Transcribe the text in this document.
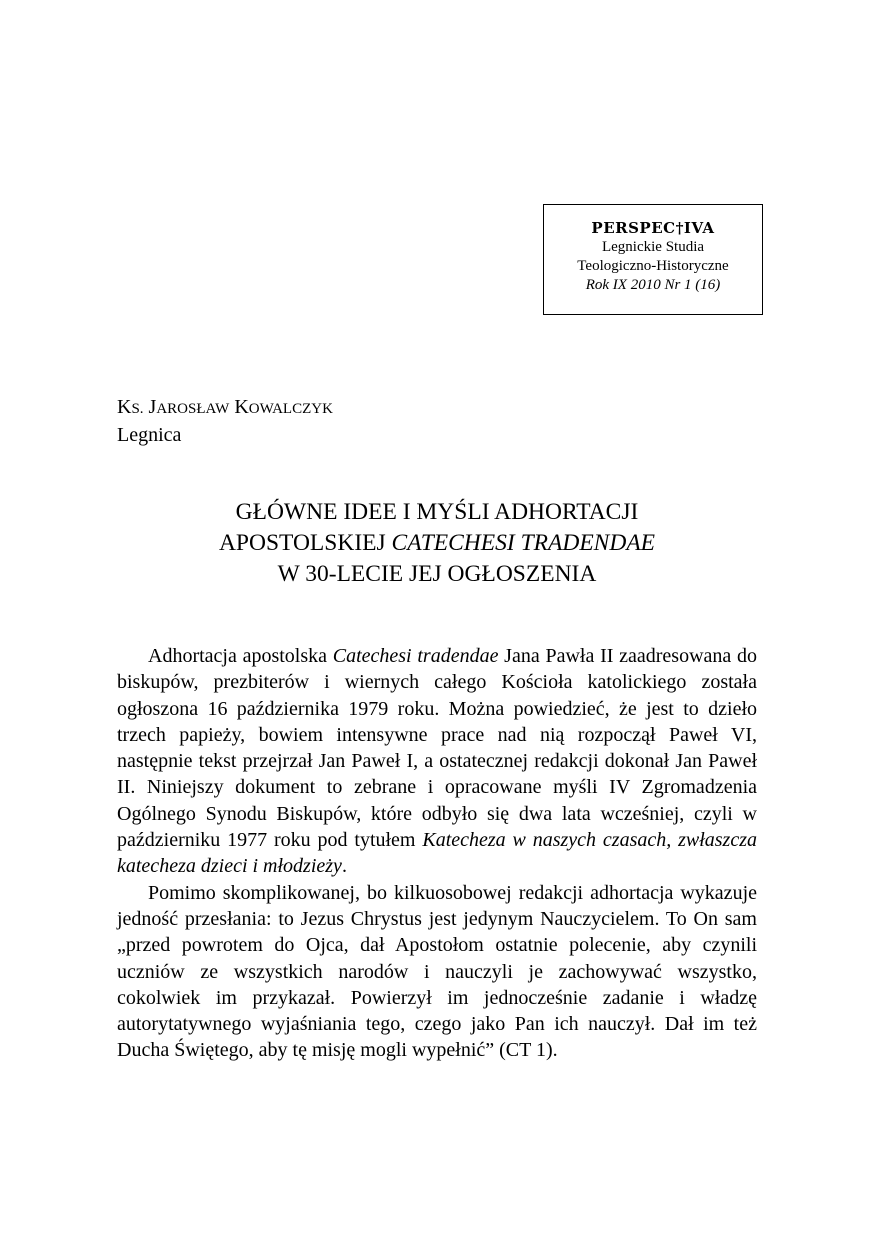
PERSPEC†IVA
Legnickie Studia
Teologiczno-Historyczne
Rok IX 2010 Nr 1 (16)
KS. JAROSŁAW KOWALCZYK
Legnica
GŁÓWNE IDEE I MYŚLI ADHORTACJI
APOSTOLSKIEJ CATECHESI TRADENDAE
W 30-LECIE JEJ OGŁOSZENIA

Adhortacja apostolska Catechesi tradendae Jana Pawła II zaadresowana do biskupów, prezbiterów i wiernych całego Kościoła katolickiego została ogłoszona 16 października 1979 roku. Można powiedzieć, że jest to dzieło trzech papieży, bowiem intensywne prace nad nią rozpoczął Paweł VI, następnie tekst przejrzał Jan Paweł I, a ostatecznej redakcji dokonał Jan Paweł II. Niniejszy dokument to zebrane i opracowane myśli IV Zgromadzenia Ogólnego Synodu Biskupów, które odbyło się dwa lata wcześniej, czyli w październiku 1977 roku pod tytułem Katecheza w naszych czasach, zwłaszcza katecheza dzieci i młodzieży.

Pomimo skomplikowanej, bo kilkuosobowej redakcji adhortacja wykazuje jedność przesłania: to Jezus Chrystus jest jedynym Nauczycielem. To On sam „przed powrotem do Ojca, dał Apostołom ostatnie polecenie, aby czynili uczniów ze wszystkich narodów i nauczyli je zachowywać wszystko, cokolwiek im przykazał. Powierzył im jednocześnie zadanie i władzę autorytatywnego wyjaśniania tego, czego jako Pan ich nauczył. Dał im też Ducha Świętego, aby tę misję mogli wypełnić” (CT 1).
